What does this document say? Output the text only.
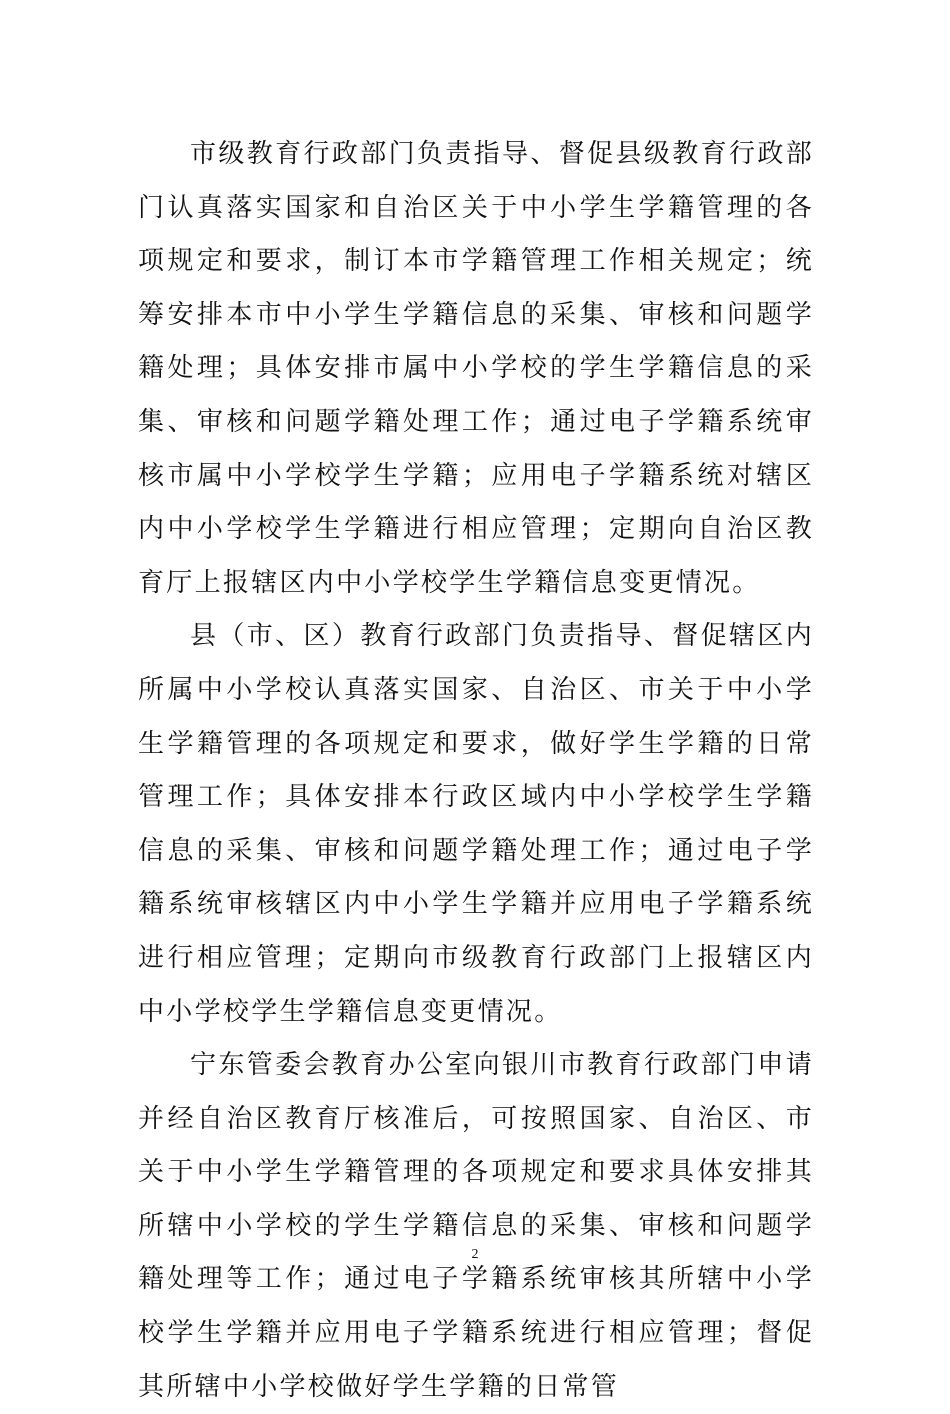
市级教育行政部门负责指导、督促县级教育行政部门认真落实国家和自治区关于中小学生学籍管理的各项规定和要求，制订本市学籍管理工作相关规定；统筹安排本市中小学生学籍信息的采集、审核和问题学籍处理；具体安排市属中小学校的学生学籍信息的采集、审核和问题学籍处理工作；通过电子学籍系统审核市属中小学校学生学籍；应用电子学籍系统对辖区内中小学校学生学籍进行相应管理；定期向自治区教育厅上报辖区内中小学校学生学籍信息变更情况。

县（市、区）教育行政部门负责指导、督促辖区内所属中小学校认真落实国家、自治区、市关于中小学生学籍管理的各项规定和要求，做好学生学籍的日常管理工作；具体安排本行政区域内中小学校学生学籍信息的采集、审核和问题学籍处理工作；通过电子学籍系统审核辖区内中小学生学籍并应用电子学籍系统进行相应管理；定期向市级教育行政部门上报辖区内中小学校学生学籍信息变更情况。

宁东管委会教育办公室向银川市教育行政部门申请并经自治区教育厅核准后，可按照国家、自治区、市关于中小学生学籍管理的各项规定和要求具体安排其所辖中小学校的学生学籍信息的采集、审核和问题学籍处理等工作；通过电子学籍系统审核其所辖中小学校学生学籍并应用电子学籍系统进行相应管理；督促其所辖中小学校做好学生学籍的日常管

2
